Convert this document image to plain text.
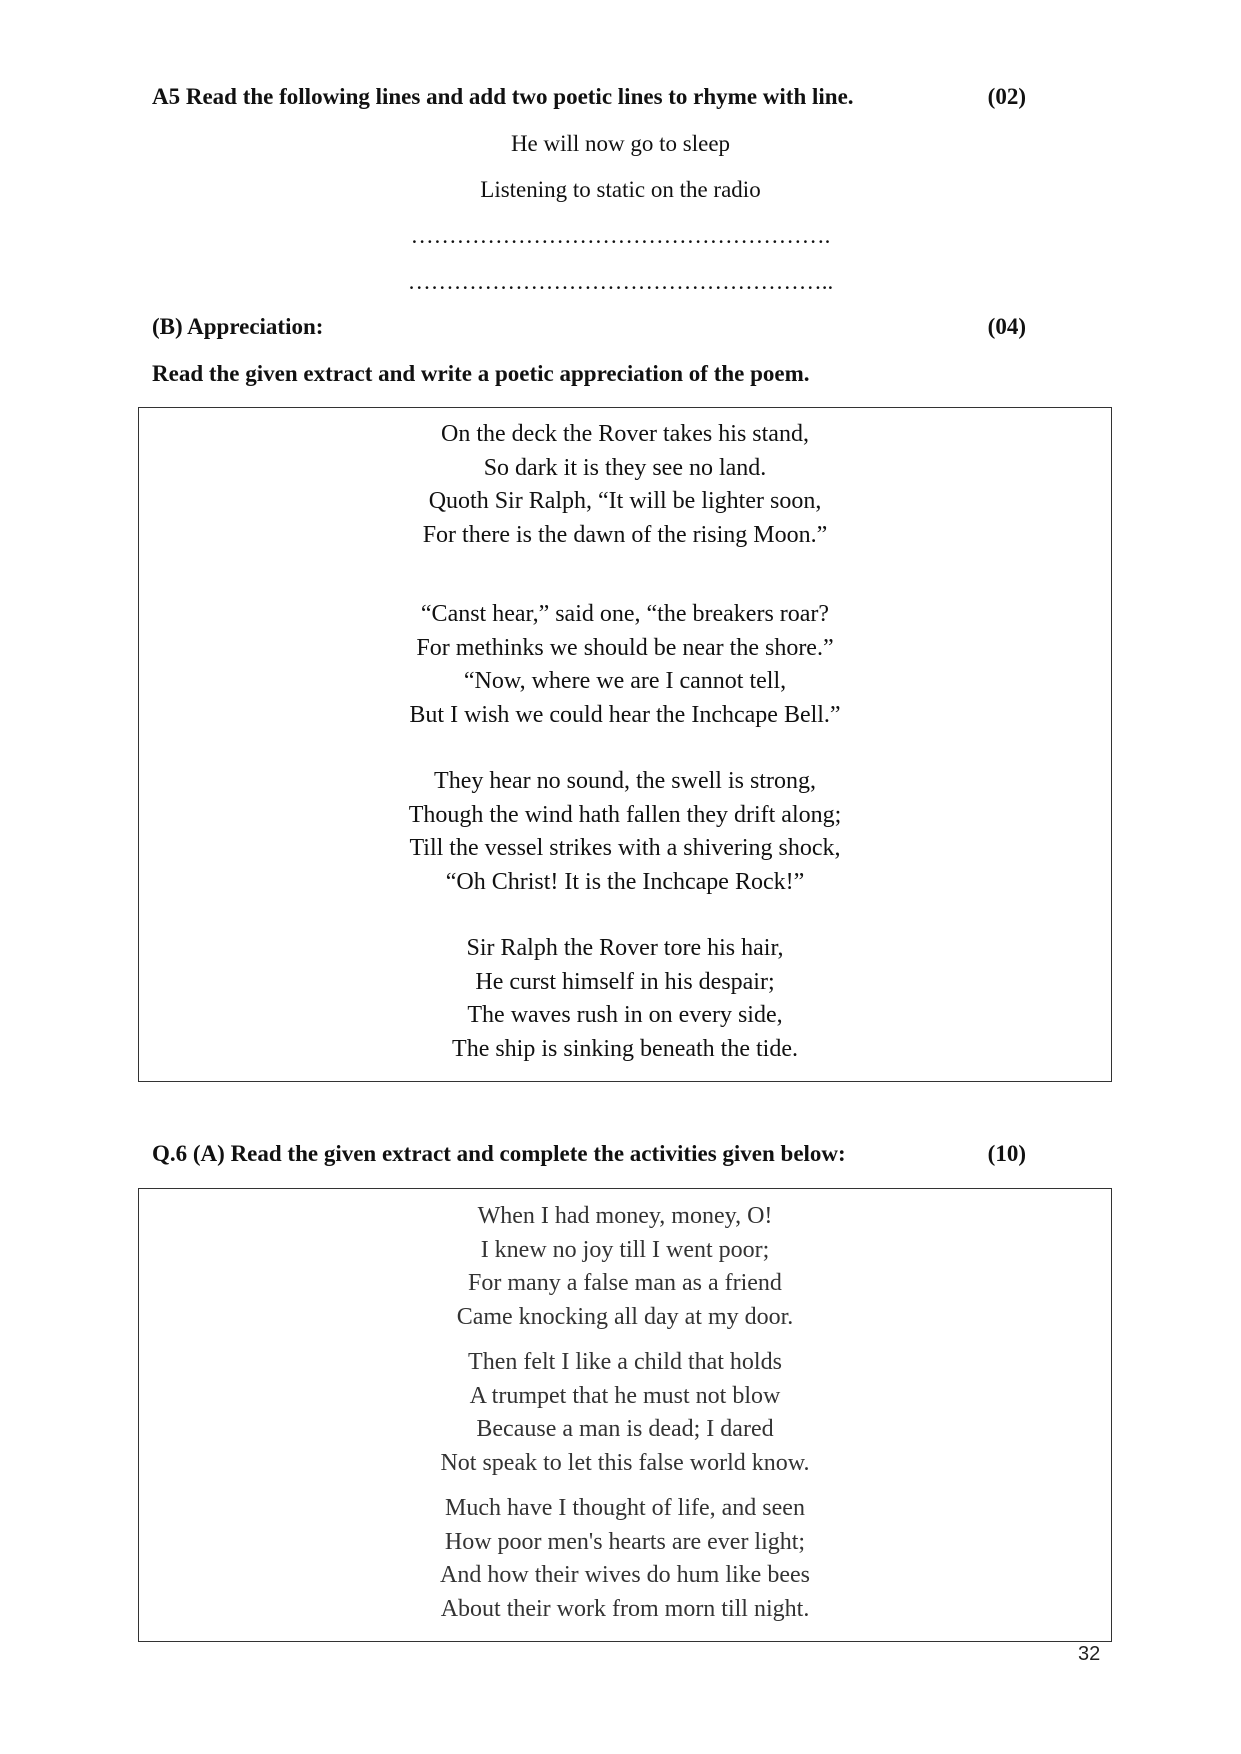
A5 Read the following lines and add two poetic lines to rhyme with line.	(02)
He will now go to sleep
Listening to static on the radio
……………………………………………….
………………………………………………..
(B) Appreciation:	(04)
Read the given extract and write a poetic appreciation of the poem.
On the deck the Rover takes his stand,
So dark it is they see no land.
Quoth Sir Ralph, “It will be lighter soon,
For there is the dawn of the rising Moon.”
“Canst hear,” said one, “the breakers roar?
For methinks we should be near the shore.”
“Now, where we are I cannot tell,
But I wish we could hear the Inchcape Bell.”
They hear no sound, the swell is strong,
Though the wind hath fallen they drift along;
Till the vessel strikes with a shivering shock,
“Oh Christ! It is the Inchcape Rock!”
Sir Ralph the Rover tore his hair,
He curst himself in his despair;
The waves rush in on every side,
The ship is sinking beneath the tide.
Q.6 (A) Read the given extract and complete the activities given below:	(10)
When I had money, money, O!
I knew no joy till I went poor;
For many a false man as a friend
Came knocking all day at my door.
Then felt I like a child that holds
A trumpet that he must not blow
Because a man is dead; I dared
Not speak to let this false world know.
Much have I thought of life, and seen
How poor men's hearts are ever light;
And how their wives do hum like bees
About their work from morn till night.
32
